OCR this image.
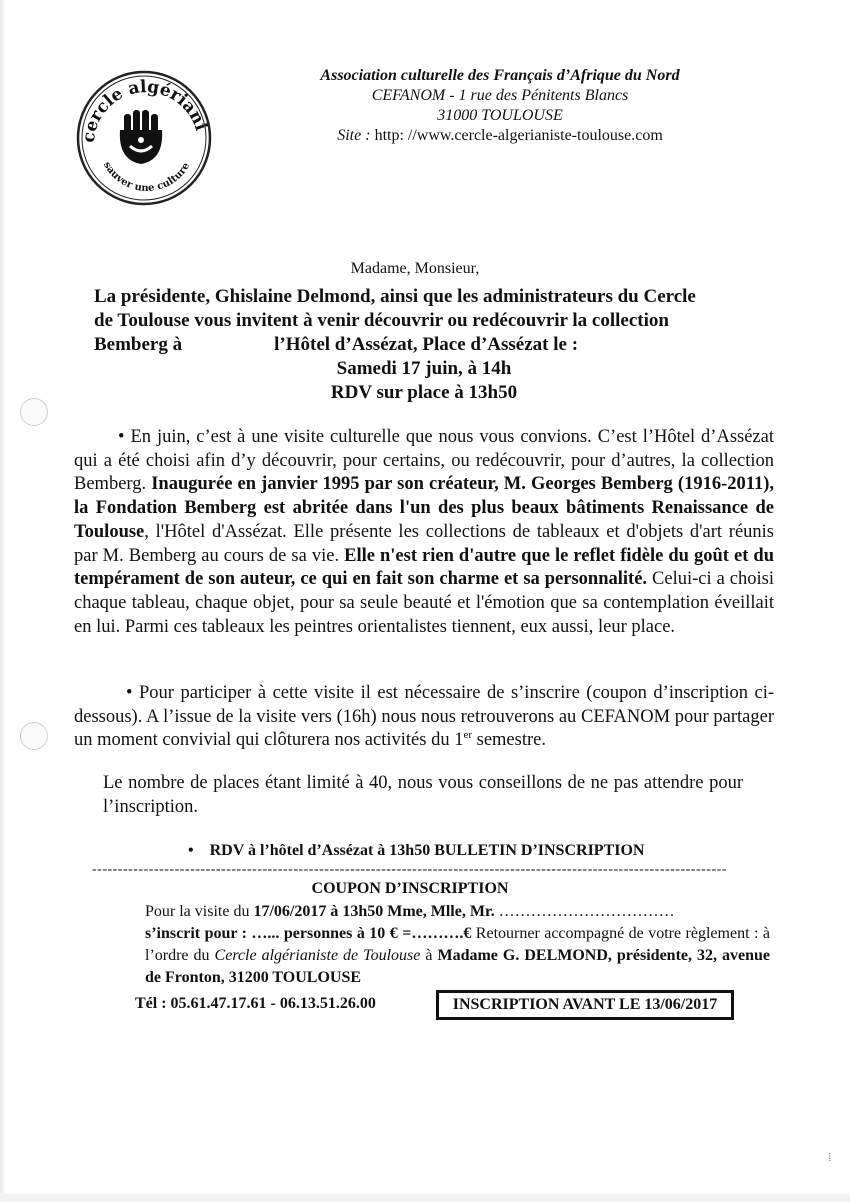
cercle algériani
sauver une culture
Association culturelle des Français d’Afrique du Nord
CEFANOM - 1 rue des Pénitents Blancs
31000 TOULOUSE
Site : http: //www.cercle-algerianiste-toulouse.com
Madame, Monsieur,
La présidente, Ghislaine Delmond, ainsi que les administrateurs du Cercle
de Toulouse vous invitent à venir découvrir ou redécouvrir la collection
Bemberg à	l’Hôtel d’Assézat, Place d’Assézat le :
Samedi 17 juin, à 14h
RDV sur place à 13h50
• En juin, c’est à une visite culturelle que nous vous convions. C’est l’Hôtel d’Assézat qui a été choisi afin d’y découvrir, pour certains, ou redécouvrir, pour d’autres, la collection Bemberg. Inaugurée en janvier 1995 par son créateur, M. Georges Bemberg (1916-2011), la Fondation Bemberg est abritée dans l'un des plus beaux bâtiments Renaissance de Toulouse, l'Hôtel d'Assézat. Elle présente les collections de tableaux et d'objets d'art réunis par M. Bemberg au cours de sa vie. Elle n'est rien d'autre que le reflet fidèle du goût et du tempérament de son auteur, ce qui en fait son charme et sa personnalité. Celui-ci a choisi chaque tableau, chaque objet, pour sa seule beauté et l'émotion que sa contemplation éveillait en lui. Parmi ces tableaux les peintres orientalistes tiennent, eux aussi, leur place.
• Pour participer à cette visite il est nécessaire de s’inscrire (coupon d’inscription ci-dessous). A l’issue de la visite vers (16h) nous nous retrouverons au CEFANOM pour partager un moment convivial qui clôturera nos activités du 1er semestre.
Le nombre de places étant limité à 40, nous vous conseillons de ne pas attendre pour l’inscription.
• RDV à l’hôtel d’Assézat à 13h50 BULLETIN D’INSCRIPTION
---------------------------------------------------------------------------------------------------------------------------
COUPON D’INSCRIPTION

Pour la visite du 17/06/2017 à 13h50 Mme, Mlle, Mr. ……………………………

s’inscrit pour : …... personnes à 10 € =……….€ Retourner accompagné de votre règlement : à l’ordre du Cercle algérianiste de Toulouse à Madame G. DELMOND, présidente, 32, avenue de Fronton, 31200 TOULOUSE

Tél : 05.61.47.17.61 - 06.13.51.26.00	INSCRIPTION AVANT LE 13/06/2017
⁞
